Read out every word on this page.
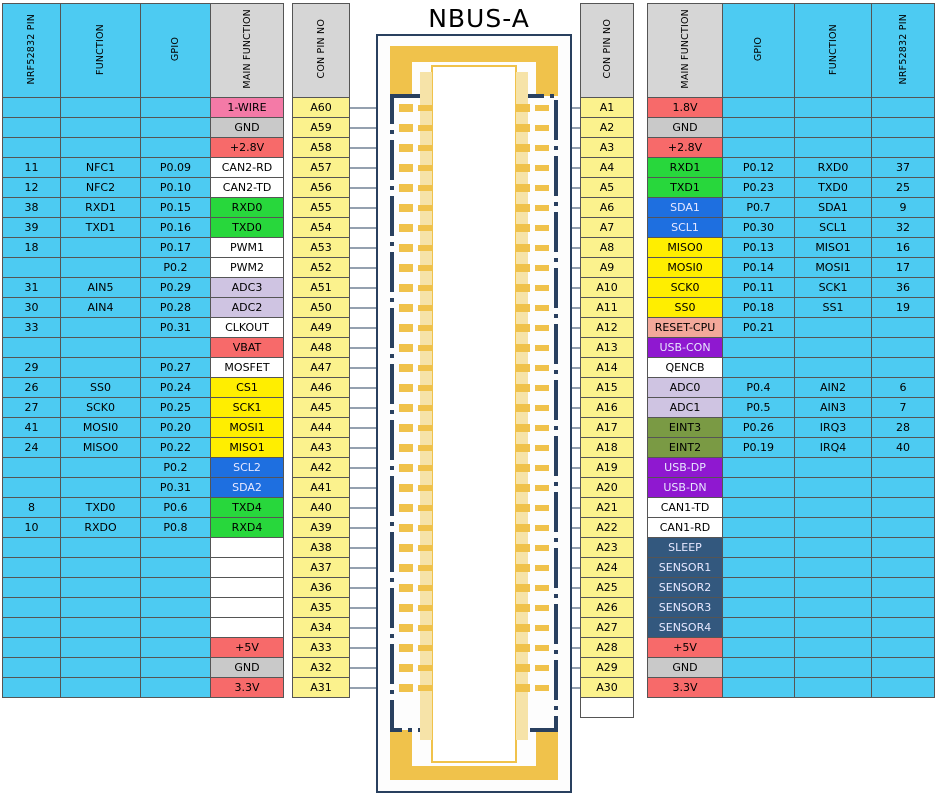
NBUS-A
NRF52832 PIN	FUNCTION	GPIO	MAIN FUNCTION		CON PIN NO
			1-WIRE		A60
			GND		A59
			+2.8V		A58
11	NFC1	P0.09	CAN2-RD		A57
12	NFC2	P0.10	CAN2-TD		A56
38	RXD1	P0.15	RXD0		A55
39	TXD1	P0.16	TXD0		A54
18		P0.17	PWM1		A53
		P0.2	PWM2		A52
31	AIN5	P0.29	ADC3		A51
30	AIN4	P0.28	ADC2		A50
33		P0.31	CLKOUT		A49
			VBAT		A48
29		P0.27	MOSFET		A47
26	SS0	P0.24	CS1		A46
27	SCK0	P0.25	SCK1		A45
41	MOSI0	P0.20	MOSI1		A44
24	MISO0	P0.22	MISO1		A43
		P0.2	SCL2		A42
		P0.31	SDA2		A41
8	TXD0	P0.6	TXD4		A40
10	RXDO	P0.8	RXD4		A39
					A38
					A37
					A36
					A35
					A34
			+5V		A33
			GND		A32
			3.3V		A31
CON PIN NO		MAIN FUNCTION	GPIO	FUNCTION	NRF52832 PIN
A1		1.8V			
A2		GND			
A3		+2.8V			
A4		RXD1	P0.12	RXD0	37
A5		TXD1	P0.23	TXD0	25
A6		SDA1	P0.7	SDA1	9
A7		SCL1	P0.30	SCL1	32
A8		MISO0	P0.13	MISO1	16
A9		MOSI0	P0.14	MOSI1	17
A10		SCK0	P0.11	SCK1	36
A11		SS0	P0.18	SS1	19
A12		RESET-CPU	P0.21		
A13		USB-CON			
A14		QENCB			
A15		ADC0	P0.4	AIN2	6
A16		ADC1	P0.5	AIN3	7
A17		EINT3	P0.26	IRQ3	28
A18		EINT2	P0.19	IRQ4	40
A19		USB-DP			
A20		USB-DN			
A21		CAN1-TD			
A22		CAN1-RD			
A23		SLEEP			
A24		SENSOR1			
A25		SENSOR2			
A26		SENSOR3			
A27		SENSOR4			
A28		+5V			
A29		GND			
A30		3.3V			
